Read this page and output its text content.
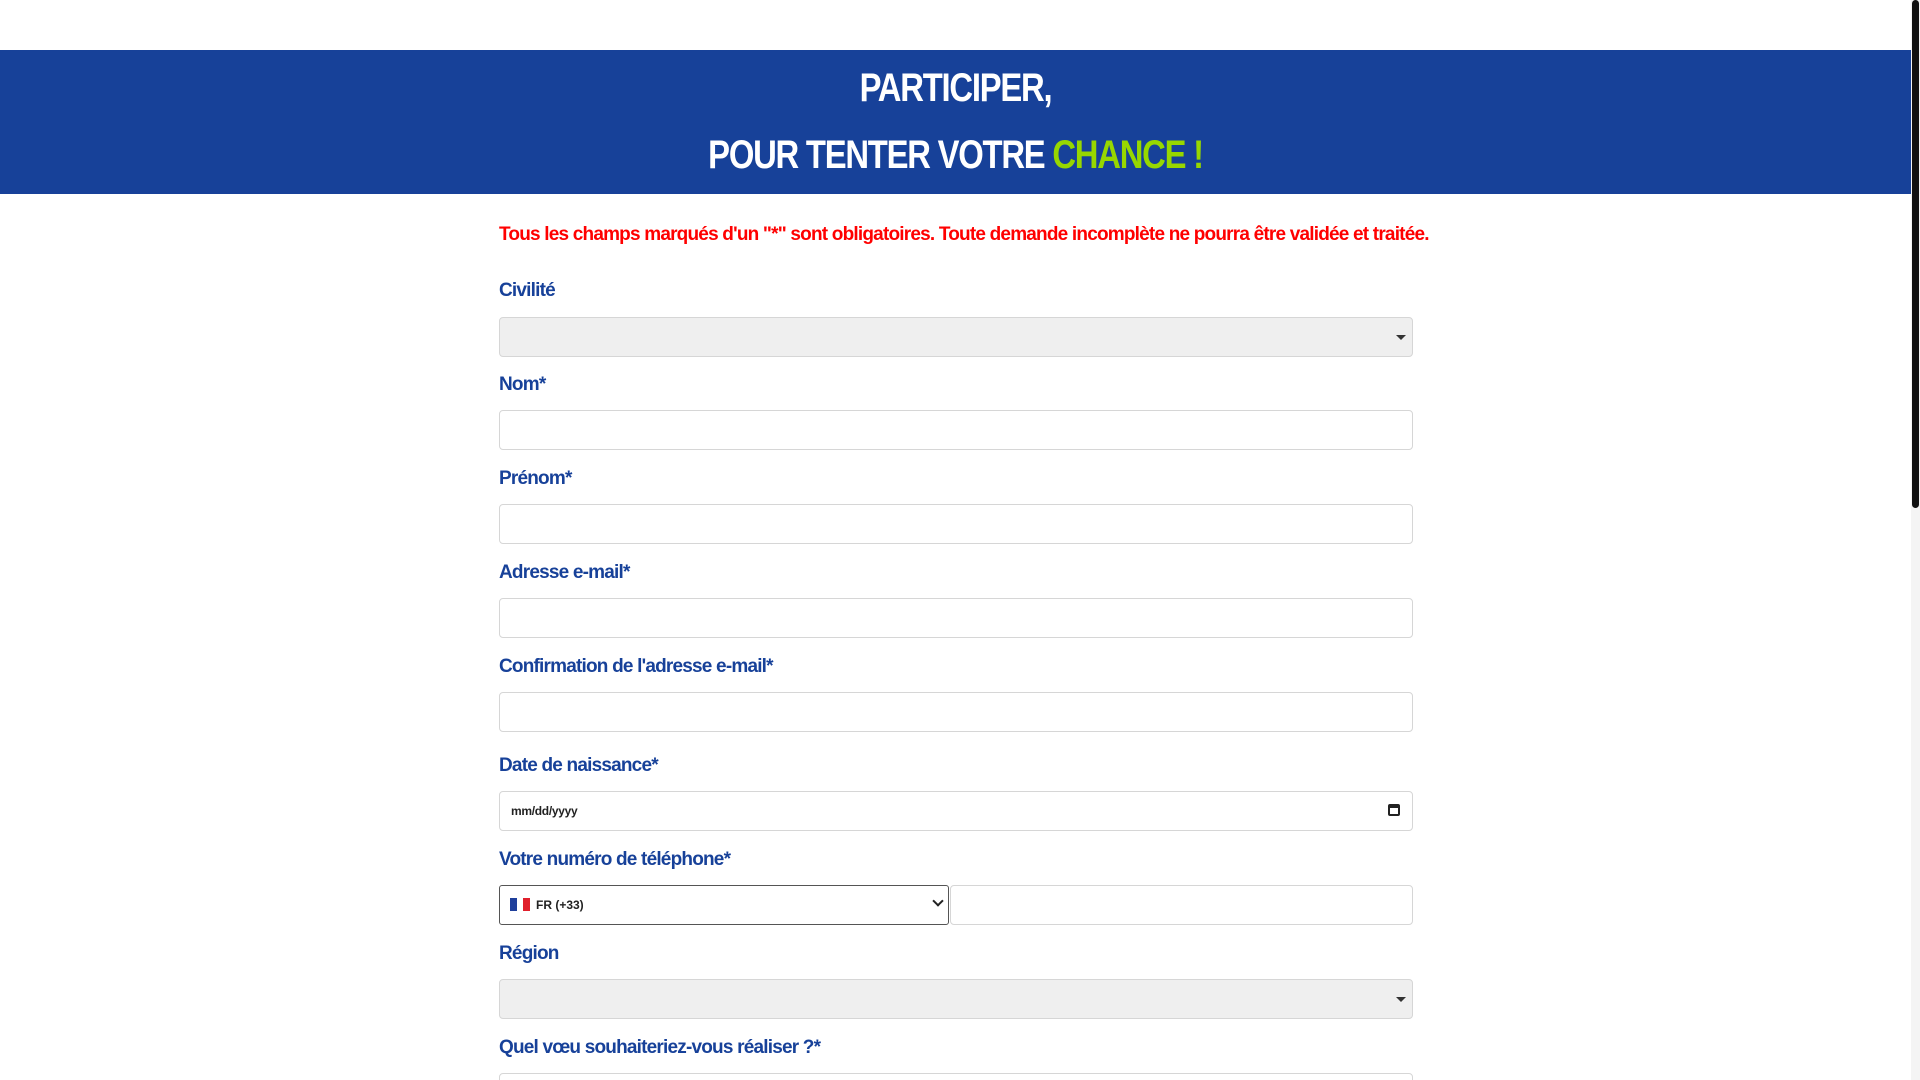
PARTICIPER,
POUR TENTER VOTRE CHANCE !
Tous les champs marqués d'un "*" sont obligatoires. Toute demande incomplète ne pourra être validée et traitée.
Civilité
Nom*
Prénom*
Adresse e-mail*
Confirmation de l'adresse e-mail*
Date de naissance*
mm/dd/yyyy
Votre numéro de téléphone*
FR (+33)
Région
Quel vœu souhaiteriez-vous réaliser ?*
